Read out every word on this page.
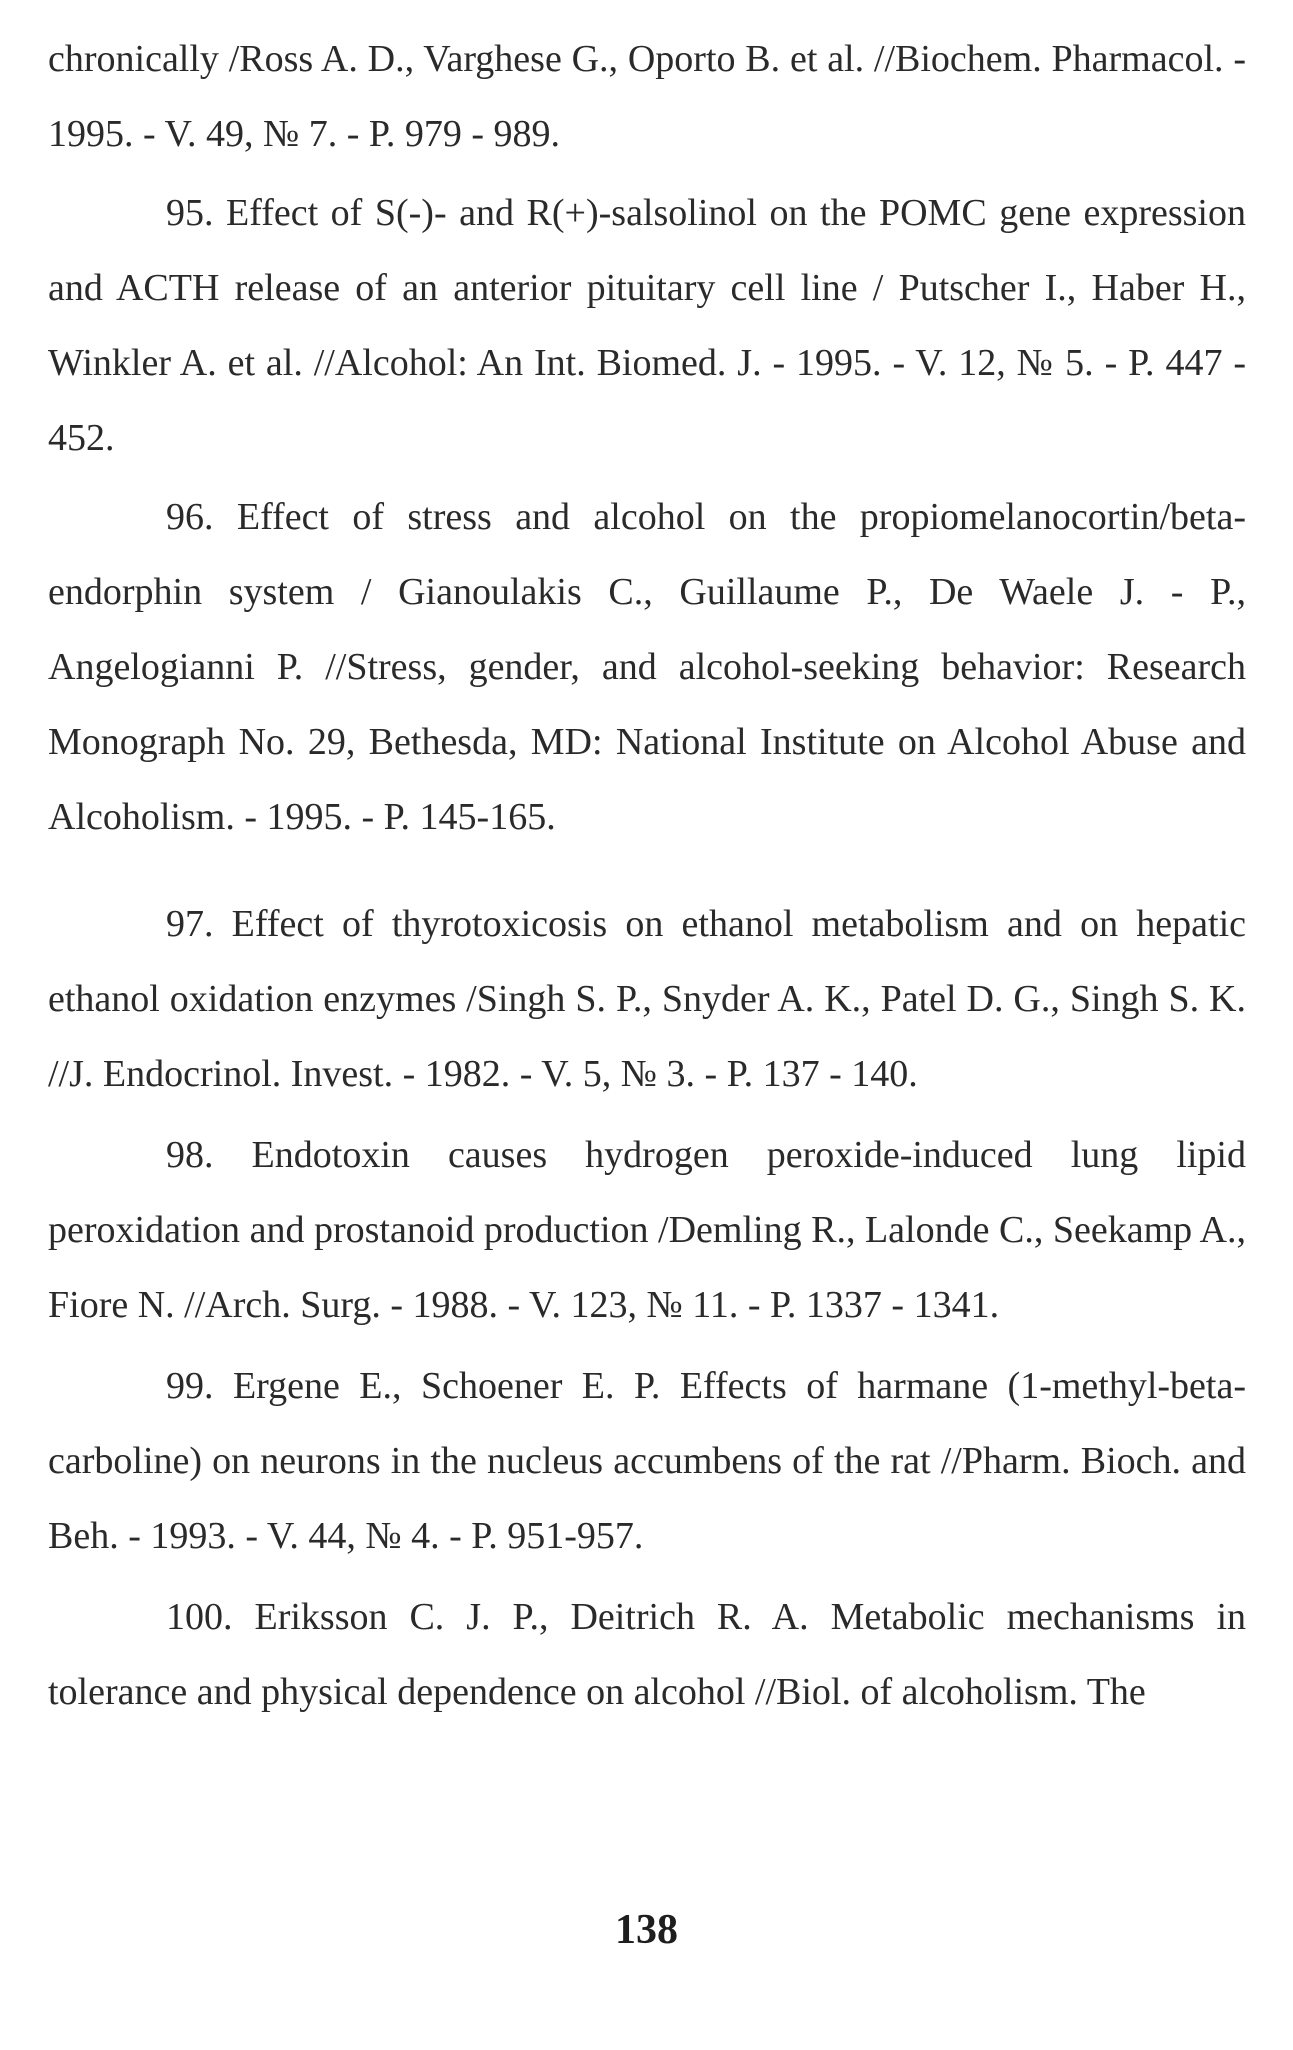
chronically /Ross A. D., Varghese G., Oporto B. et al. //Biochem. Pharmacol. - 1995. - V. 49, № 7. - P. 979 - 989.

95. Effect of S(-)- and R(+)-salsolinol on the POMC gene expression and ACTH release of an anterior pituitary cell line / Putscher I., Haber H., Winkler A. et al. //Alcohol: An Int. Biomed. J. - 1995. - V. 12, № 5. - P. 447 - 452.

96. Effect of stress and alcohol on the propiomelanocortin/beta-endorphin system / Gianoulakis C., Guillaume P., De Waele J. - P., Angelogianni P. //Stress, gender, and alcohol-seeking behavior: Research Monograph No. 29, Bethesda, MD: National Institute on Alcohol Abuse and Alcoholism. - 1995. - P. 145-165.

97. Effect of thyrotoxicosis on ethanol metabolism and on hepatic ethanol oxidation enzymes /Singh S. P., Snyder A. K., Patel D. G., Singh S. K. //J. Endocrinol. Invest. - 1982. - V. 5, № 3. - P. 137 - 140.

98. Endotoxin causes hydrogen peroxide-induced lung lipid peroxidation and prostanoid production /Demling R., Lalonde C., Seekamp A., Fiore N. //Arch. Surg. - 1988. - V. 123, № 11. - P. 1337 - 1341.

99. Ergene E., Schoener E. P. Effects of harmane (1-methyl-beta-carboline) on neurons in the nucleus accumbens of the rat //Pharm. Bioch. and Beh. - 1993. - V. 44, № 4. - P. 951-957.

100. Eriksson C. J. P., Deitrich R. A. Metabolic mechanisms in tolerance and physical dependence on alcohol //Biol. of alcoholism. The

138
